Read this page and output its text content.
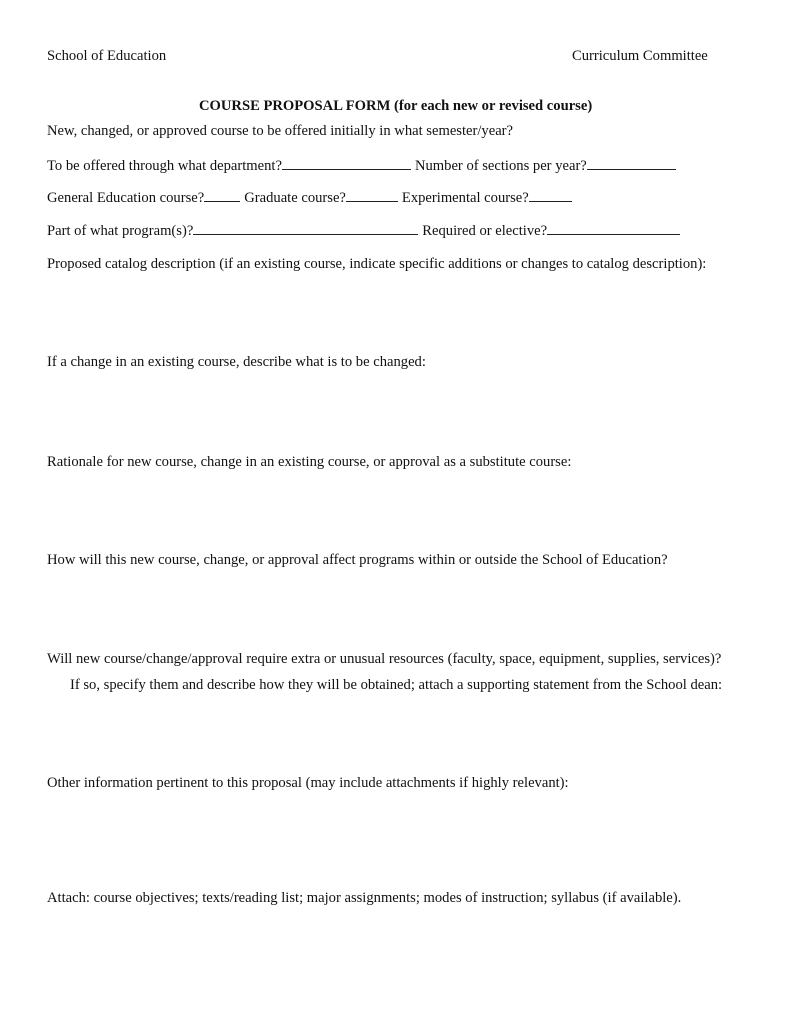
School of Education	Curriculum Committee
COURSE PROPOSAL FORM (for each new or revised course)
New, changed, or approved course to be offered initially in what semester/year?
To be offered through what department?	Number of sections per year?
General Education course?	Graduate course?	Experimental course?
Part of what program(s)?	Required or elective?
Proposed catalog description (if an existing course, indicate specific additions or changes to catalog description):
If a change in an existing course, describe what is to be changed:
Rationale for new course, change in an existing course, or approval as a substitute course:
How will this new course, change, or approval affect programs within or outside the School of Education?
Will new course/change/approval require extra or unusual resources (faculty, space, equipment, supplies, services)?
If so, specify them and describe how they will be obtained; attach a supporting statement from the School dean:
Other information pertinent to this proposal (may include attachments if highly relevant):
Attach: course objectives; texts/reading list; major assignments; modes of instruction; syllabus (if available).
